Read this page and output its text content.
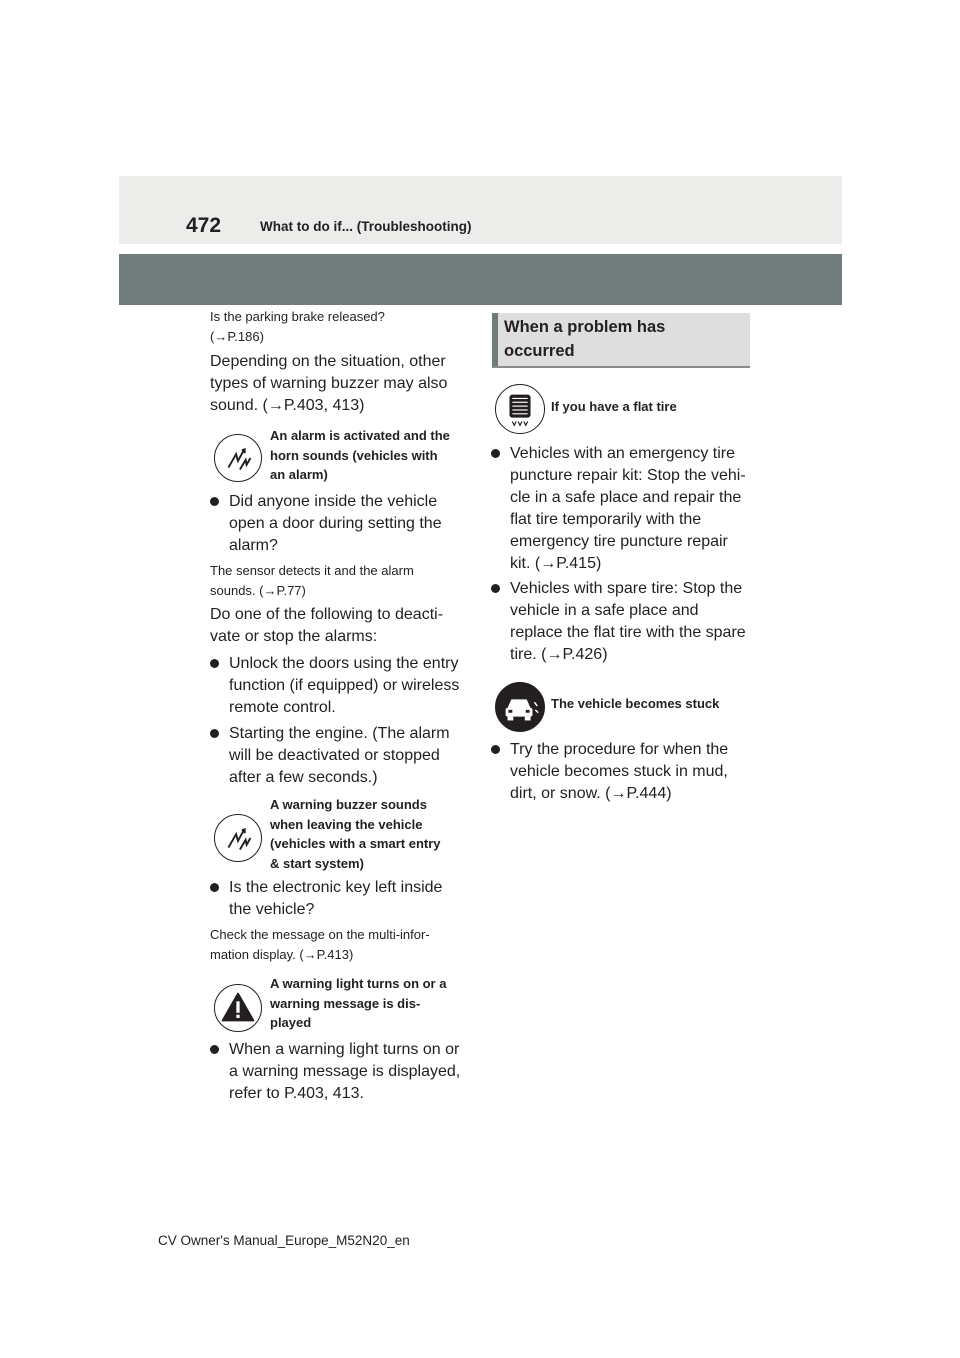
472	What to do if... (Troubleshooting)
Is the parking brake released?
(→P.186)
Depending on the situation, other
types of warning buzzer may also
sound. (→P.403, 413)
An alarm is activated and the
horn sounds (vehicles with
an alarm)
Did anyone inside the vehicle
open a door during setting the
alarm?
The sensor detects it and the alarm
sounds. (→P.77)
Do one of the following to deacti-
vate or stop the alarms:
Unlock the doors using the entry
function (if equipped) or wireless
remote control.
Starting the engine. (The alarm
will be deactivated or stopped
after a few seconds.)
A warning buzzer sounds
when leaving the vehicle
(vehicles with a smart entry
& start system)
Is the electronic key left inside
the vehicle?
Check the message on the multi-infor-
mation display. (→P.413)
A warning light turns on or a
warning message is dis-
played
When a warning light turns on or
a warning message is displayed,
refer to P.403, 413.
When a problem has
occurred
If you have a flat tire
Vehicles with an emergency tire
puncture repair kit: Stop the vehi-
cle in a safe place and repair the
flat tire temporarily with the
emergency tire puncture repair
kit. (→P.415)
Vehicles with spare tire: Stop the
vehicle in a safe place and
replace the flat tire with the spare
tire. (→P.426)
The vehicle becomes stuck
Try the procedure for when the
vehicle becomes stuck in mud,
dirt, or snow. (→P.444)
CV Owner's Manual_Europe_M52N20_en
